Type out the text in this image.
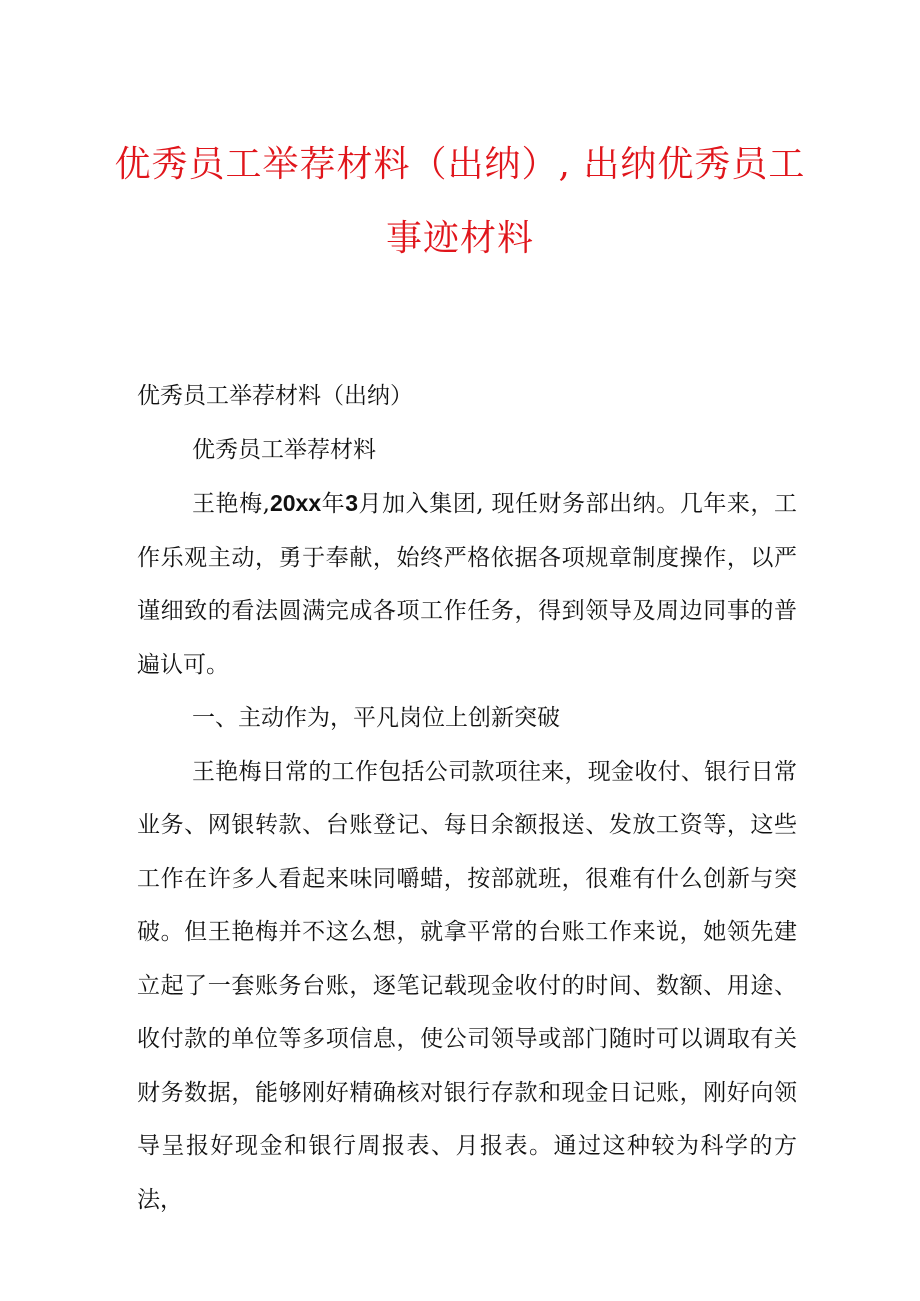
优秀员工举荐材料（出纳）, 出纳优秀员工事迹材料

优秀员工举荐材料（出纳）

优秀员工举荐材料

王艳梅,20xx年3月加入集团, 现任财务部出纳。几年来，工作乐观主动，勇于奉献，始终严格依据各项规章制度操作，以严谨细致的看法圆满完成各项工作任务，得到领导及周边同事的普遍认可。

一、主动作为，平凡岗位上创新突破

王艳梅日常的工作包括公司款项往来，现金收付、银行日常业务、网银转款、台账登记、每日余额报送、发放工资等，这些工作在许多人看起来味同嚼蜡，按部就班，很难有什么创新与突破。但王艳梅并不这么想，就拿平常的台账工作来说，她领先建立起了一套账务台账，逐笔记载现金收付的时间、数额、用途、收付款的单位等多项信息，使公司领导或部门随时可以调取有关财务数据，能够刚好精确核对银行存款和现金日记账，刚好向领导呈报好现金和银行周报表、月报表。通过这种较为科学的方法，
